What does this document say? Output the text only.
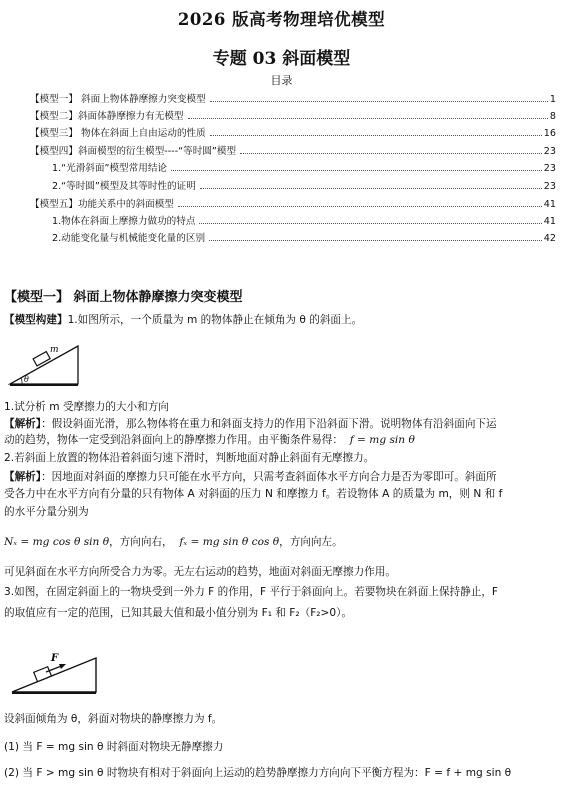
2026 版高考物理培优模型
专题 03 斜面模型
目录
【模型一】 斜面上物体静摩擦力突变模型	1
【模型二】斜面体静摩擦力有无模型	8
【模型三】 物体在斜面上自由运动的性质	16
【模型四】斜面模型的衍生模型----“等时圆”模型	23
1.“光滑斜面”模型常用结论	23
2.“等时圆”模型及其等时性的证明	23
【模型五】功能关系中的斜面模型	41
1.物体在斜面上摩擦力做功的特点	41
2.动能变化量与机械能变化量的区别	42
【模型一】 斜面上物体静摩擦力突变模型
【模型构建】1.如图所示，一个质量为 m 的物体静止在倾角为 θ 的斜面上。
m
θ
1.试分析 m 受摩擦力的大小和方向
【解析】：假设斜面光滑，那么物体将在重力和斜面支持力的作用下沿斜面下滑。说明物体有沿斜面向下运
动的趋势，物体一定受到沿斜面向上的静摩擦力作用。由平衡条件易得： f = mg sin θ
2.若斜面上放置的物体沿着斜面匀速下滑时，判断地面对静止斜面有无摩擦力。
【解析】：因地面对斜面的摩擦力只可能在水平方向，只需考查斜面体水平方向合力是否为零即可。斜面所
受各力中在水平方向有分量的只有物体 A 对斜面的压力 N 和摩擦力 f。若设物体 A 的质量为 m，则 N 和 f
的水平分量分别为
Nₓ = mg cos θ sin θ，方向向右， fₓ = mg sin θ cos θ，方向向左。
可见斜面在水平方向所受合力为零。无左右运动的趋势，地面对斜面无摩擦力作用。
3.如图，在固定斜面上的一物块受到一外力 F 的作用，F 平行于斜面向上。若要物块在斜面上保持静止，F
的取值应有一定的范围，已知其最大值和最小值分别为 F₁ 和 F₂（F₂>0）。
F
设斜面倾角为 θ，斜面对物块的静摩擦力为 f。
(1) 当 F = mg sin θ 时斜面对物块无静摩擦力
(2) 当 F > mg sin θ 时物块有相对于斜面向上运动的趋势静摩擦力方向向下平衡方程为：F = f + mg sin θ
